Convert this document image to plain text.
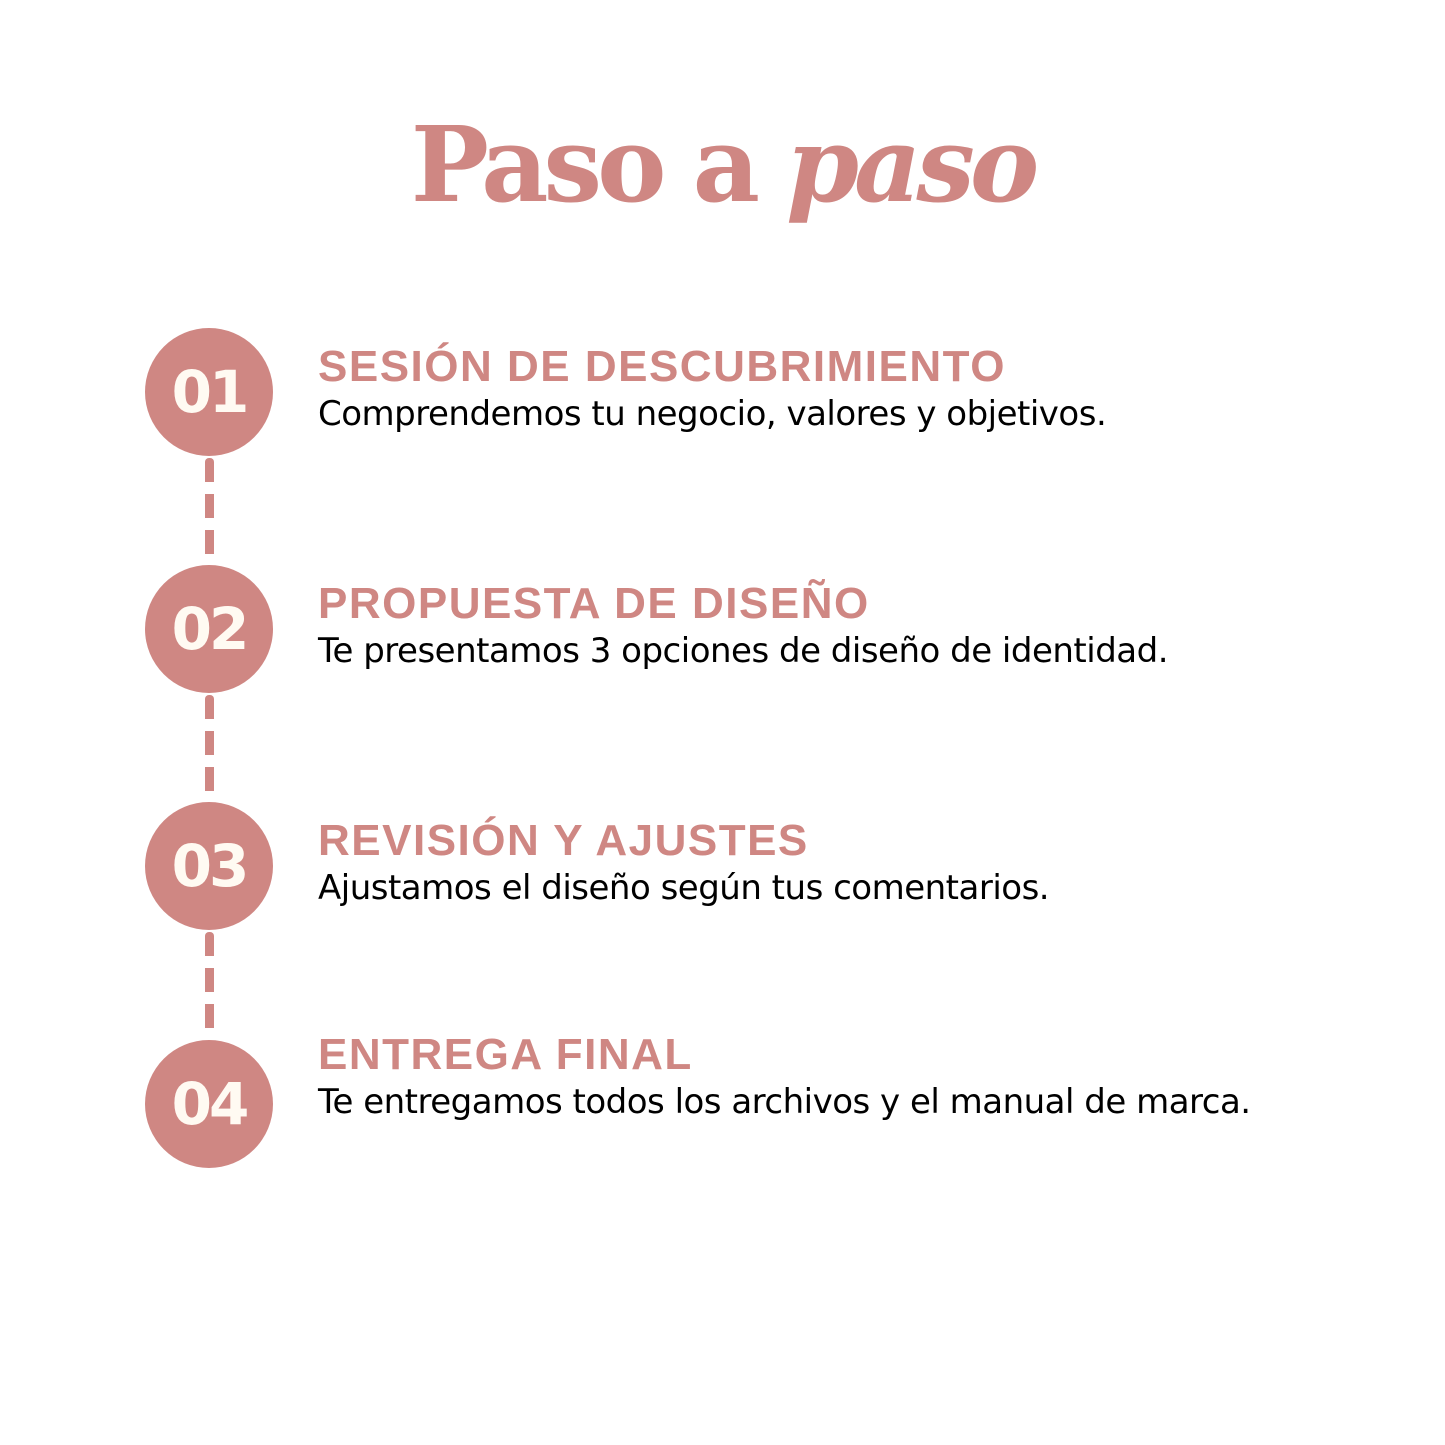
Paso a paso
01
02
03
04

SESIÓN DE DESCUBRIMIENTO

Comprendemos tu negocio, valores y objetivos.

PROPUESTA DE DISEÑO

Te presentamos 3 opciones de diseño de identidad.

REVISIÓN Y AJUSTES

Ajustamos el diseño según tus comentarios.

ENTREGA FINAL

Te entregamos todos los archivos y el manual de marca.
